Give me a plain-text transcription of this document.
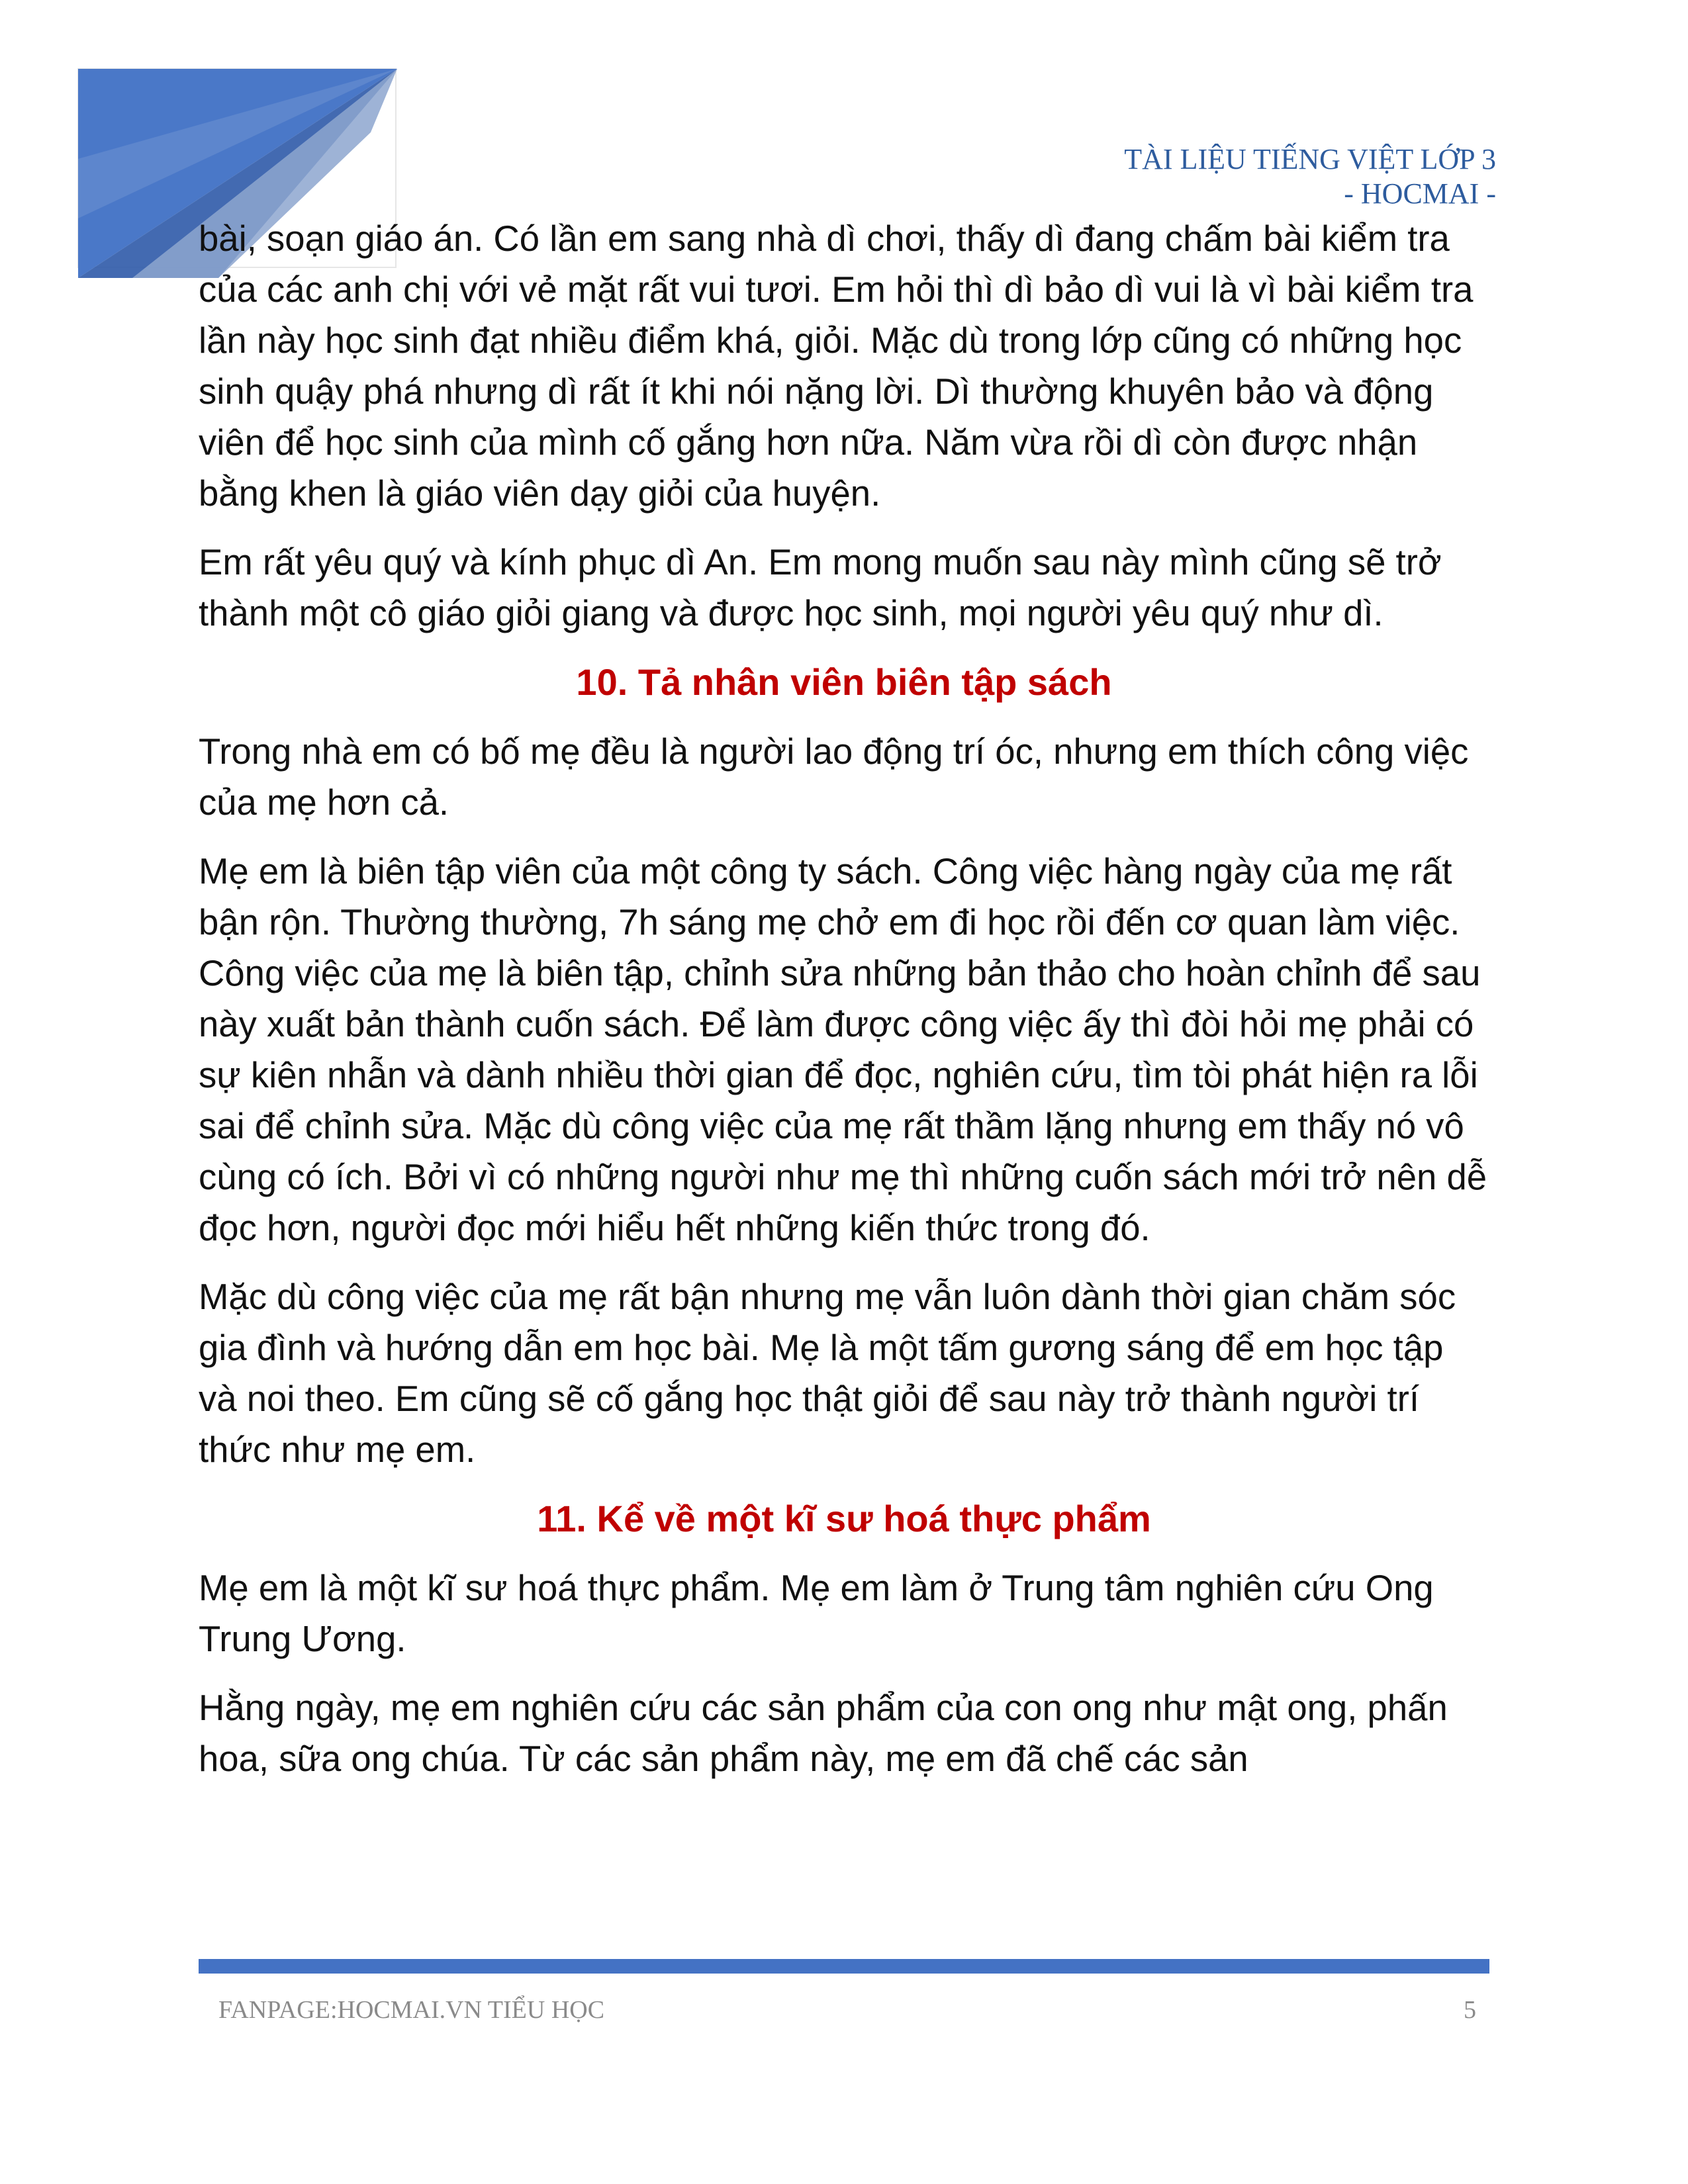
TÀI LIỆU TIẾNG VIỆT LỚP 3
- HOCMAI -

bài, soạn giáo án. Có lần em sang nhà dì chơi, thấy dì đang chấm bài kiểm tra của các anh chị với vẻ mặt rất vui tươi. Em hỏi thì dì bảo dì vui là vì bài kiểm tra lần này học sinh đạt nhiều điểm khá, giỏi. Mặc dù trong lớp cũng có những học sinh quậy phá nhưng dì rất ít khi nói nặng lời. Dì thường khuyên bảo và động viên để học sinh của mình cố gắng hơn nữa. Năm vừa rồi dì còn được nhận bằng khen là giáo viên dạy giỏi của huyện.

Em rất yêu quý và kính phục dì An. Em mong muốn sau này mình cũng sẽ trở thành một cô giáo giỏi giang và được học sinh, mọi người yêu quý như dì.

10. Tả nhân viên biên tập sách

Trong nhà em có bố mẹ đều là người lao động trí óc, nhưng em thích công việc của mẹ hơn cả.

Mẹ em là biên tập viên của một công ty sách. Công việc hàng ngày của mẹ rất bận rộn. Thường thường, 7h sáng mẹ chở em đi học rồi đến cơ quan làm việc. Công việc của mẹ là biên tập, chỉnh sửa những bản thảo cho hoàn chỉnh để sau này xuất bản thành cuốn sách. Để làm được công việc ấy thì đòi hỏi mẹ phải có sự kiên nhẫn và dành nhiều thời gian để đọc, nghiên cứu, tìm tòi phát hiện ra lỗi sai để chỉnh sửa. Mặc dù công việc của mẹ rất thầm lặng nhưng em thấy nó vô cùng có ích. Bởi vì có những người như mẹ thì những cuốn sách mới trở nên dễ đọc hơn, người đọc mới hiểu hết những kiến thức trong đó.

Mặc dù công việc của mẹ rất bận nhưng mẹ vẫn luôn dành thời gian chăm sóc gia đình và hướng dẫn em học bài. Mẹ là một tấm gương sáng để em học tập và noi theo. Em cũng sẽ cố gắng học thật giỏi để sau này trở thành người trí thức như mẹ em.

11. Kể về một kĩ sư hoá thực phẩm

Mẹ em là một kĩ sư hoá thực phẩm. Mẹ em làm ở Trung tâm nghiên cứu Ong Trung Ương.

Hằng ngày, mẹ em nghiên cứu các sản phẩm của con ong như mật ong, phấn hoa, sữa ong chúa. Từ các sản phẩm này, mẹ em đã chế các sản

FANPAGE:HOCMAI.VN TIỂU HỌC	5
